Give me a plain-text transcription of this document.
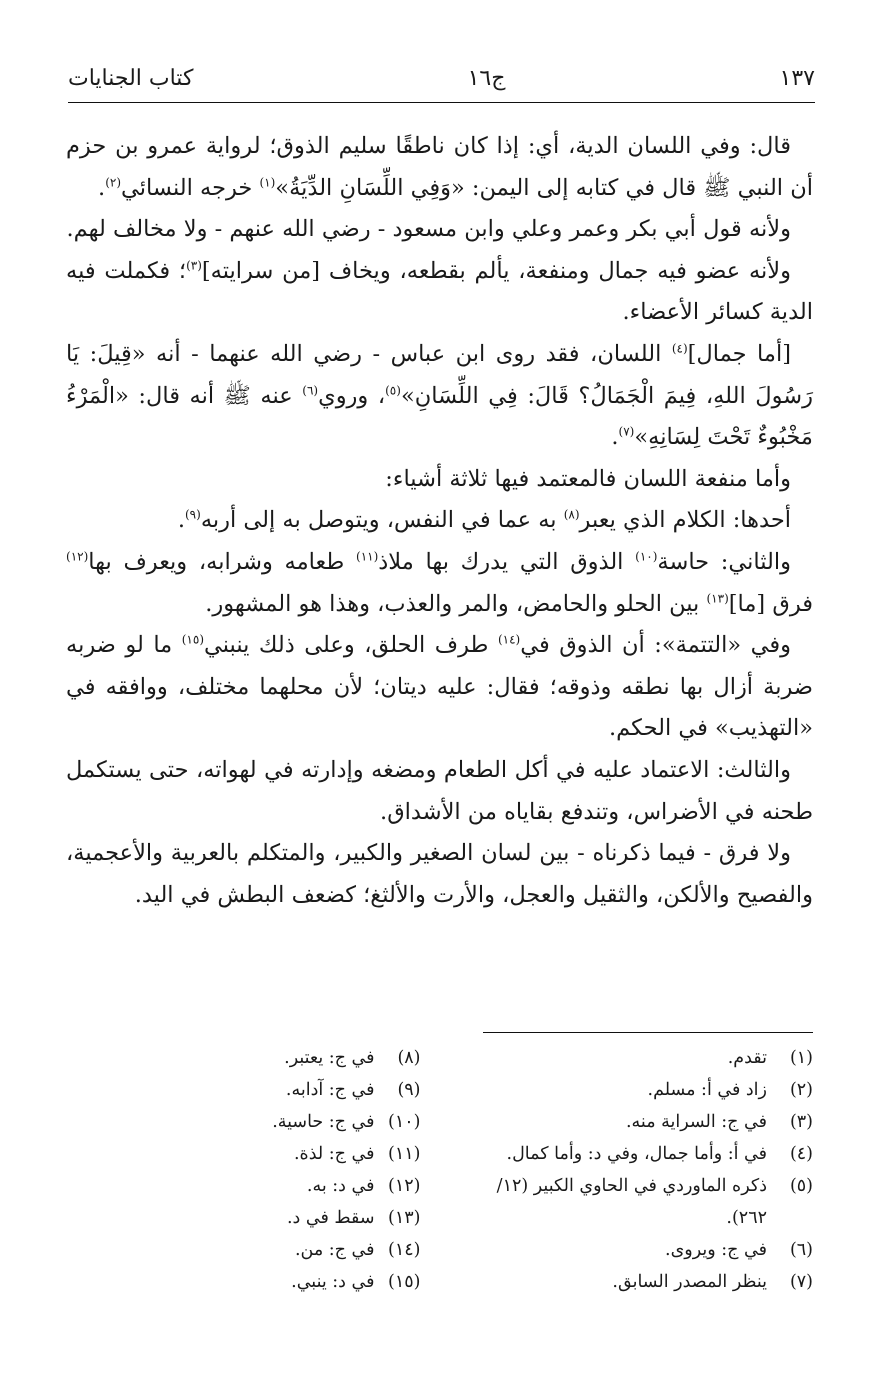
١٣٧
ج١٦
كتاب الجنايات

قال: وفي اللسان الدية، أي: إذا كان ناطقًا سليم الذوق؛ لرواية عمرو بن حزم أن النبي ﷺ قال في كتابه إلى اليمن: «وَفِي اللِّسَانِ الدِّيَةُ»$^{(١)}$ خرجه النسائي$^{(٢)}$.

ولأنه قول أبي بكر وعمر وعلي وابن مسعود - رضي الله عنهم - ولا مخالف لهم.

ولأنه عضو فيه جمال ومنفعة، يألم بقطعه، ويخاف [من سرايته]$^{(٣)}$؛ فكملت فيه الدية كسائر الأعضاء.

[أما جمال]$^{(٤)}$ اللسان، فقد روى ابن عباس - رضي الله عنهما - أنه «قِيلَ: يَا رَسُولَ اللهِ، فِيمَ الْجَمَالُ؟ قَالَ: فِي اللِّسَانِ»$^{(٥)}$، وروي$^{(٦)}$ عنه ﷺ أنه قال: «الْمَرْءُ مَخْبُوءٌ تَحْتَ لِسَانِهِ»$^{(٧)}$.

وأما منفعة اللسان فالمعتمد فيها ثلاثة أشياء:

أحدها: الكلام الذي يعبر$^{(٨)}$ به عما في النفس، ويتوصل به إلى أربه$^{(٩)}$.

والثاني: حاسة$^{(١٠)}$ الذوق التي يدرك بها ملاذ$^{(١١)}$ طعامه وشرابه، ويعرف بها$^{(١٢)}$ فرق [ما]$^{(١٣)}$ بين الحلو والحامض، والمر والعذب، وهذا هو المشهور.

وفي «التتمة»: أن الذوق في$^{(١٤)}$ طرف الحلق، وعلى ذلك ينبني$^{(١٥)}$ ما لو ضربه ضربة أزال بها نطقه وذوقه؛ فقال: عليه ديتان؛ لأن محلهما مختلف، ووافقه في «التهذيب» في الحكم.

والثالث: الاعتماد عليه في أكل الطعام ومضغه وإدارته في لهواته، حتى يستكمل طحنه في الأضراس، وتندفع بقاياه من الأشداق.

ولا فرق - فيما ذكرناه - بين لسان الصغير والكبير، والمتكلم بالعربية والأعجمية، والفصيح والألكن، والثقيل والعجل، والأرت والألثغ؛ كضعف البطش في اليد.

(١)
تقدم.
(٢)
زاد في أ: مسلم.
(٣)
في ج: السراية منه.
(٤)
في أ: وأما جمال، وفي د: وأما كمال.
(٥)
ذكره الماوردي في الحاوي الكبير (١٢/ ٢٦٢).
(٦)
في ج: ويروى.
(٧)
ينظر المصدر السابق.
(٨)
في ج: يعتبر.
(٩)
في ج: آدابه.
(١٠)
في ج: حاسية.
(١١)
في ج: لذة.
(١٢)
في د: به.
(١٣)
سقط في د.
(١٤)
في ج: من.
(١٥)
في د: ينبي.
